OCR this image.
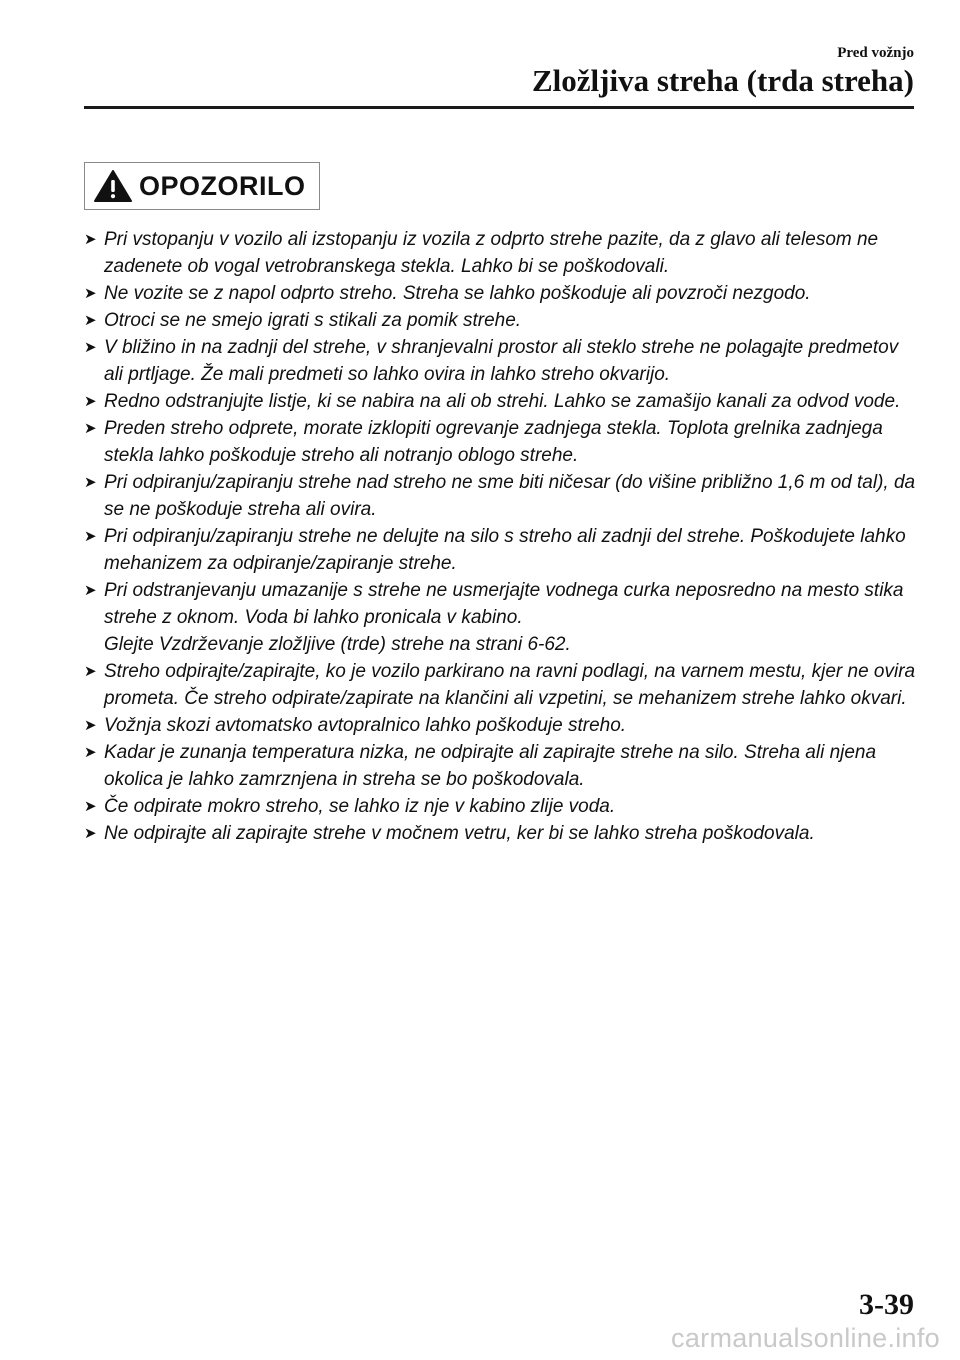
Pred vožnjo
Zložljiva streha (trda streha)
OPOZORILO
➤ Pri vstopanju v vozilo ali izstopanju iz vozila z odprto strehe pazite, da z glavo ali telesom ne zadenete ob vogal vetrobranskega stekla. Lahko bi se poškodovali.
➤ Ne vozite se z napol odprto streho. Streha se lahko poškoduje ali povzroči nezgodo.
➤ Otroci se ne smejo igrati s stikali za pomik strehe.
➤ V bližino in na zadnji del strehe, v shranjevalni prostor ali steklo strehe ne polagajte predmetov ali prtljage. Že mali predmeti so lahko ovira in lahko streho okvarijo.
➤ Redno odstranjujte listje, ki se nabira na ali ob strehi. Lahko se zamašijo kanali za odvod vode.
➤ Preden streho odprete, morate izklopiti ogrevanje zadnjega stekla. Toplota grelnika zadnjega stekla lahko poškoduje streho ali notranjo oblogo strehe.
➤ Pri odpiranju/zapiranju strehe nad streho ne sme biti ničesar (do višine približno 1,6 m od tal), da se ne poškoduje streha ali ovira.
➤ Pri odpiranju/zapiranju strehe ne delujte na silo s streho ali zadnji del strehe. Poškodujete lahko mehanizem za odpiranje/zapiranje strehe.
➤ Pri odstranjevanju umazanije s strehe ne usmerjajte vodnega curka neposredno na mesto stika strehe z oknom. Voda bi lahko pronicala v kabino.
Glejte Vzdrževanje zložljive (trde) strehe na strani 6-62.
➤ Streho odpirajte/zapirajte, ko je vozilo parkirano na ravni podlagi, na varnem mestu, kjer ne ovira prometa. Če streho odpirate/zapirate na klančini ali vzpetini, se mehanizem strehe lahko okvari.
➤ Vožnja skozi avtomatsko avtopralnico lahko poškoduje streho.
➤ Kadar je zunanja temperatura nizka, ne odpirajte ali zapirajte strehe na silo. Streha ali njena okolica je lahko zamrznjena in streha se bo poškodovala.
➤ Če odpirate mokro streho, se lahko iz nje v kabino zlije voda.
➤ Ne odpirajte ali zapirajte strehe v močnem vetru, ker bi se lahko streha poškodovala.
3-39
carmanualsonline.info
